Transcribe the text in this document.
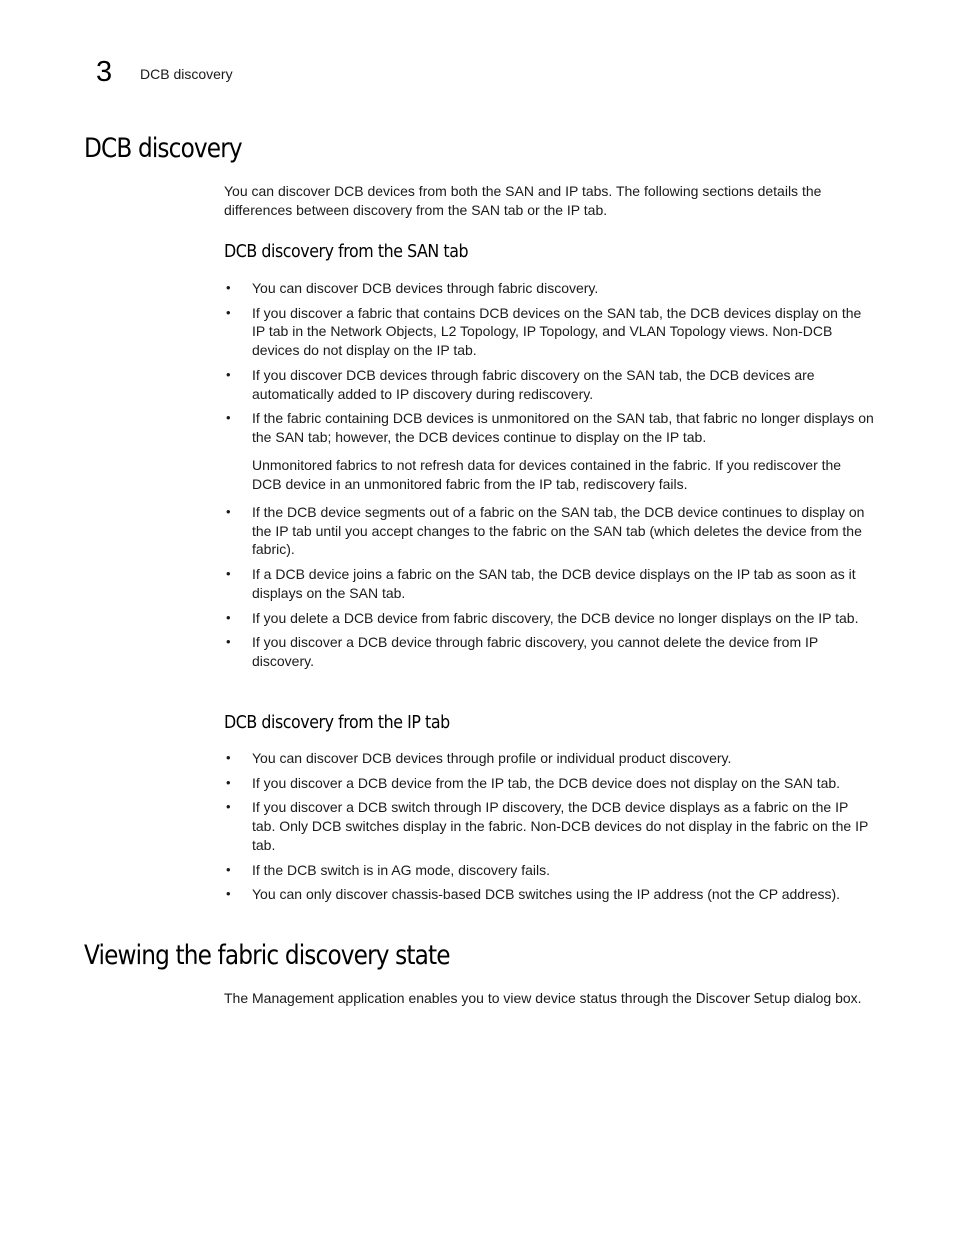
3 DCB discovery
DCB discovery

You can discover DCB devices from both the SAN and IP tabs. The following sections details the differences between discovery from the SAN tab or the IP tab.

DCB discovery from the SAN tab
• You can discover DCB devices through fabric discovery.
• If you discover a fabric that contains DCB devices on the SAN tab, the DCB devices display on the IP tab in the Network Objects, L2 Topology, IP Topology, and VLAN Topology views. Non-DCB devices do not display on the IP tab.
• If you discover DCB devices through fabric discovery on the SAN tab, the DCB devices are automatically added to IP discovery during rediscovery.
• If the fabric containing DCB devices is unmonitored on the SAN tab, that fabric no longer displays on the SAN tab; however, the DCB devices continue to display on the IP tab.

Unmonitored fabrics to not refresh data for devices contained in the fabric. If you rediscover the DCB device in an unmonitored fabric from the IP tab, rediscovery fails.

• If the DCB device segments out of a fabric on the SAN tab, the DCB device continues to display on the IP tab until you accept changes to the fabric on the SAN tab (which deletes the device from the fabric).
• If a DCB device joins a fabric on the SAN tab, the DCB device displays on the IP tab as soon as it displays on the SAN tab.
• If you delete a DCB device from fabric discovery, the DCB device no longer displays on the IP tab.
• If you discover a DCB device through fabric discovery, you cannot delete the device from IP discovery.
DCB discovery from the IP tab
• You can discover DCB devices through profile or individual product discovery.
• If you discover a DCB device from the IP tab, the DCB device does not display on the SAN tab.
• If you discover a DCB switch through IP discovery, the DCB device displays as a fabric on the IP tab. Only DCB switches display in the fabric. Non-DCB devices do not display in the fabric on the IP tab.
• If the DCB switch is in AG mode, discovery fails.
• You can only discover chassis-based DCB switches using the IP address (not the CP address).
Viewing the fabric discovery state

The Management application enables you to view device status through the Discover Setup dialog box.
